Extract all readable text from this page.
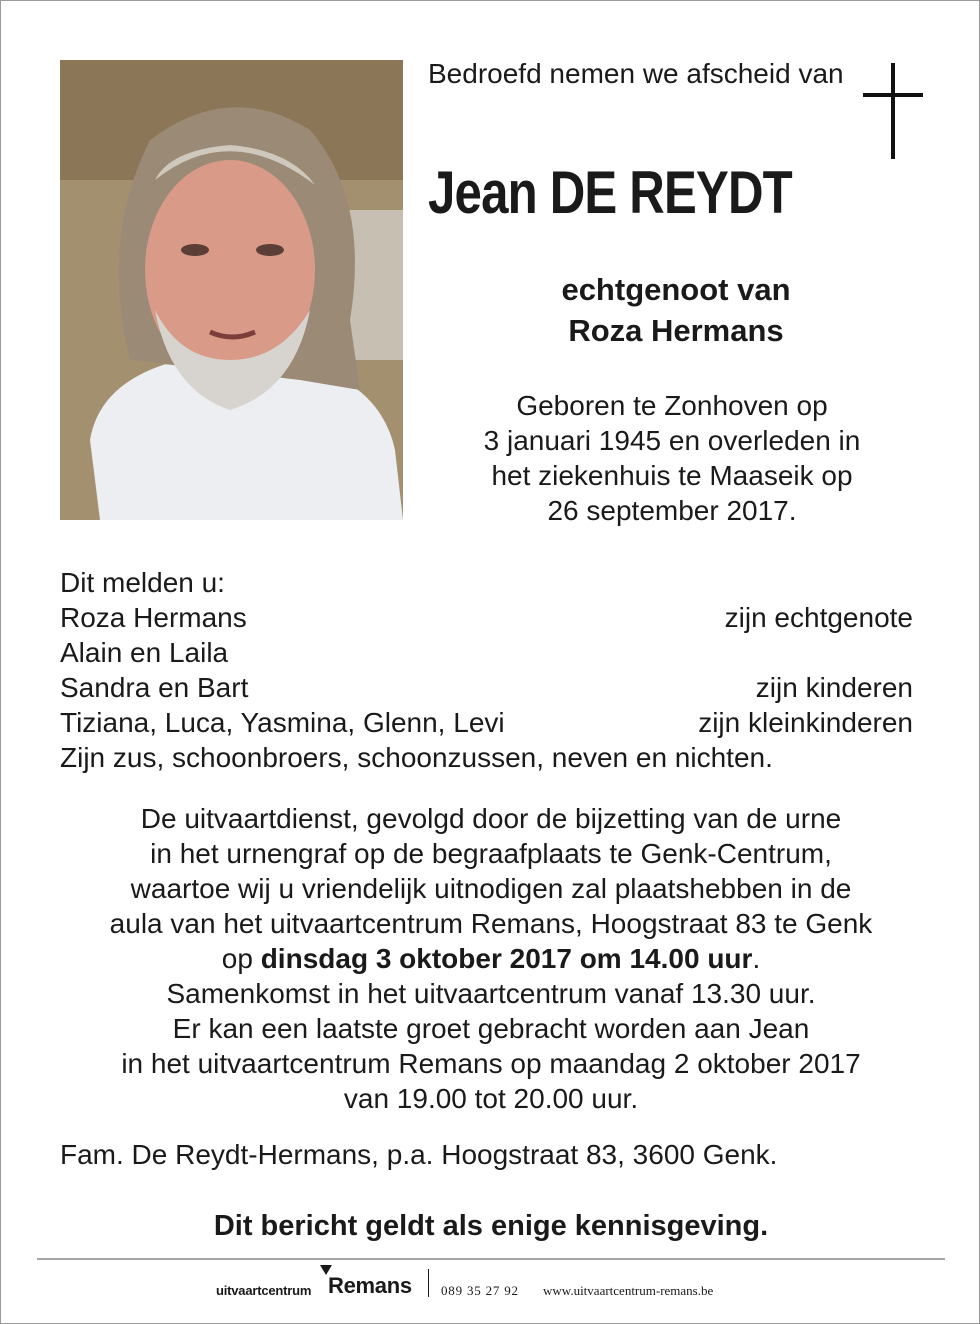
Bedroefd nemen we afscheid van

Jean DE REYDT
echtgenoot van
Roza Hermans
Geboren te Zonhoven op
3 januari 1945 en overleden in
het ziekenhuis te Maaseik op
26 september 2017.
Dit melden u:
Roza Hermans	zijn echtgenote
Alain en Laila
Sandra en Bart	zijn kinderen
Tiziana, Luca, Yasmina, Glenn, Levi	zijn kleinkinderen
Zijn zus, schoonbroers, schoonzussen, neven en nichten.
De uitvaartdienst, gevolgd door de bijzetting van de urne
in het urnengraf op de begraafplaats te Genk-Centrum,
waartoe wij u vriendelijk uitnodigen zal plaatshebben in de
aula van het uitvaartcentrum Remans, Hoogstraat 83 te Genk
op dinsdag 3 oktober 2017 om 14.00 uur.
Samenkomst in het uitvaartcentrum vanaf 13.30 uur.
Er kan een laatste groet gebracht worden aan Jean
in het uitvaartcentrum Remans op maandag 2 oktober 2017
van 19.00 tot 20.00 uur.
Fam. De Reydt-Hermans, p.a. Hoogstraat 83, 3600 Genk.
Dit bericht geldt als enige kennisgeving.
uitvaartcentrum Remans 089 35 27 92 www.uitvaartcentrum-remans.be
